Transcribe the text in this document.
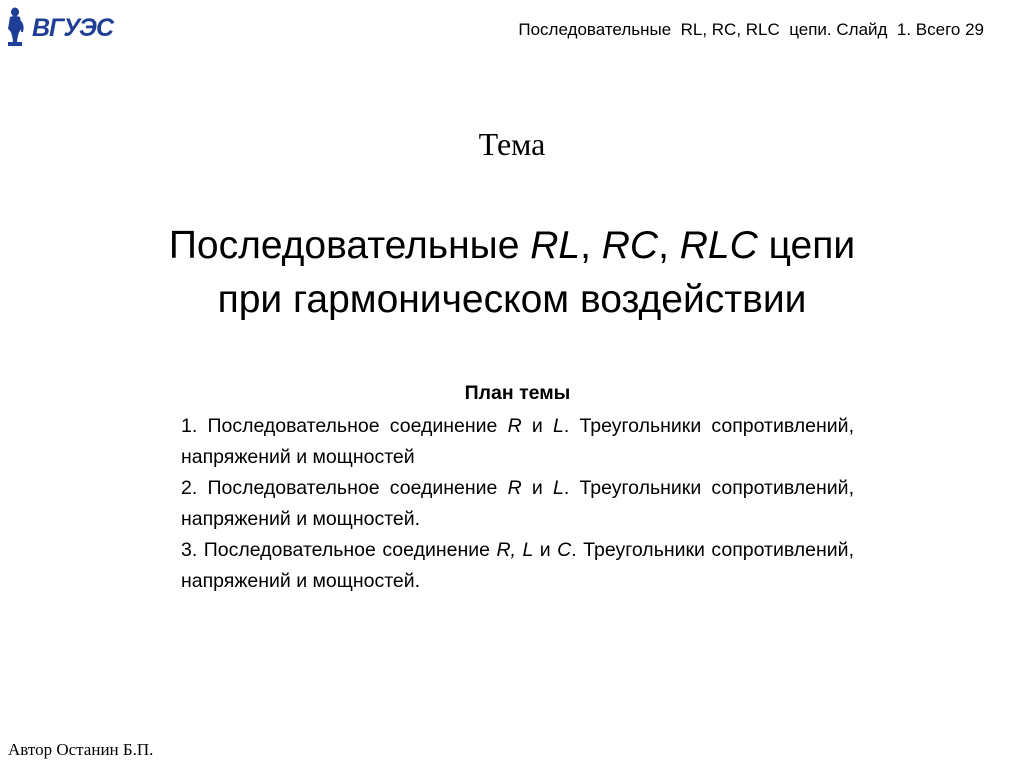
ВГУЭС	Последовательные  RL, RC, RLC  цепи. Слайд  1. Всего 29
Тема
Последовательные RL, RC, RLC цепи
при гармоническом воздействии
План темы
1. Последовательное соединение R и L. Треугольники сопротивлений, напряжений и мощностей
2. Последовательное соединение R и L. Треугольники сопротивлений, напряжений и мощностей.
3. Последовательное соединение R, L и C. Треугольники сопротивлений, напряжений и мощностей.
Автор Останин Б.П.
